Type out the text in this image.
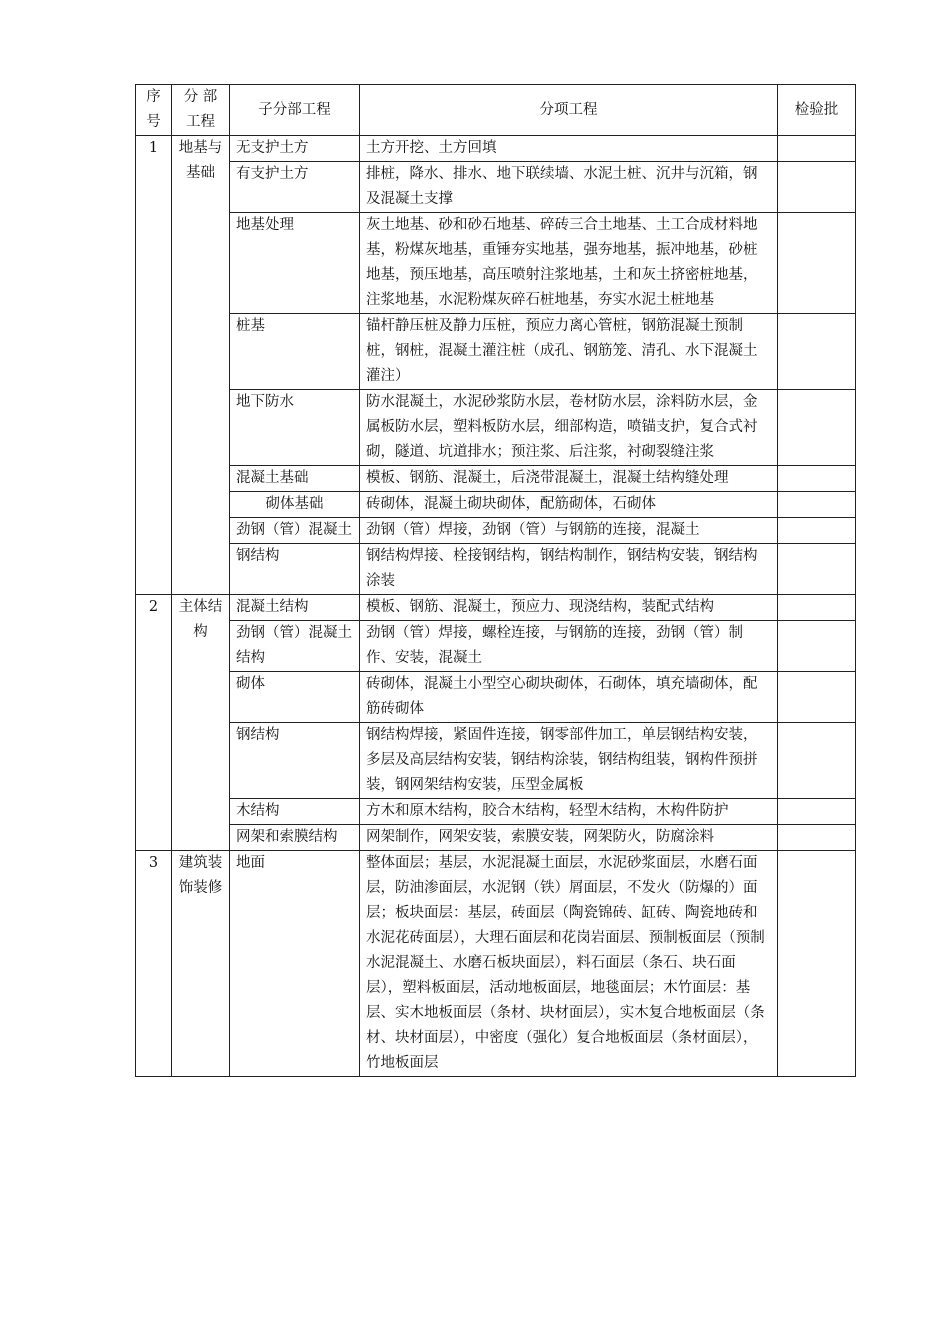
序号	分 部 工程	子分部工程	分项工程	检验批
1	地基与基础	无支护土方	土方开挖、土方回填	
		有支护土方	排桩，降水、排水、地下联续墙、水泥土桩、沉井与沉箱，钢及混凝土支撑	
		地基处理	灰土地基、砂和砂石地基、碎砖三合土地基、土工合成材料地基，粉煤灰地基，重锤夯实地基，强夯地基，振冲地基，砂桩地基，预压地基，高压喷射注浆地基，土和灰土挤密桩地基，注浆地基，水泥粉煤灰碎石桩地基，夯实水泥土桩地基	
		桩基	锚杆静压桩及静力压桩，预应力离心管桩，钢筋混凝土预制桩，钢桩，混凝土灌注桩（成孔、钢筋笼、清孔、水下混凝土灌注）	
		地下防水	防水混凝土，水泥砂浆防水层，卷材防水层，涂料防水层，金属板防水层，塑料板防水层，细部构造，喷锚支护，复合式衬砌，隧道、坑道排水；预注浆、后注浆，衬砌裂缝注浆	
		混凝土基础	模板、钢筋、混凝土，后浇带混凝土，混凝土结构缝处理	
		砌体基础	砖砌体，混凝土砌块砌体，配筋砌体，石砌体	
		劲钢（管）混凝土	劲钢（管）焊接，劲钢（管）与钢筋的连接，混凝土	
		钢结构	钢结构焊接、栓接钢结构，钢结构制作，钢结构安装，钢结构涂装	
2	主体结构	混凝土结构	模板、钢筋、混凝土，预应力、现浇结构，装配式结构	
		劲钢（管）混凝土结构	劲钢（管）焊接，螺栓连接，与钢筋的连接，劲钢（管）制作、安装，混凝土	
		砌体	砖砌体，混凝土小型空心砌块砌体，石砌体，填充墙砌体，配筋砖砌体	
		钢结构	钢结构焊接，紧固件连接，钢零部件加工，单层钢结构安装，多层及高层结构安装，钢结构涂装，钢结构组装，钢构件预拼装，钢网架结构安装，压型金属板	
		木结构	方木和原木结构，胶合木结构，轻型木结构，木构件防护	
		网架和索膜结构	网架制作，网架安装，索膜安装，网架防火，防腐涂料	
3	建筑装饰装修	地面	整体面层；基层，水泥混凝土面层，水泥砂浆面层，水磨石面层，防油渗面层，水泥钢（铁）屑面层，不发火（防爆的）面层；板块面层：基层，砖面层（陶瓷锦砖、缸砖、陶瓷地砖和水泥花砖面层），大理石面层和花岗岩面层、预制板面层（预制水泥混凝土、水磨石板块面层），料石面层（条石、块石面层），塑料板面层，活动地板面层，地毯面层；木竹面层：基层、实木地板面层（条材、块材面层），实木复合地板面层（条材、块材面层），中密度（强化）复合地板面层（条材面层），竹地板面层	
